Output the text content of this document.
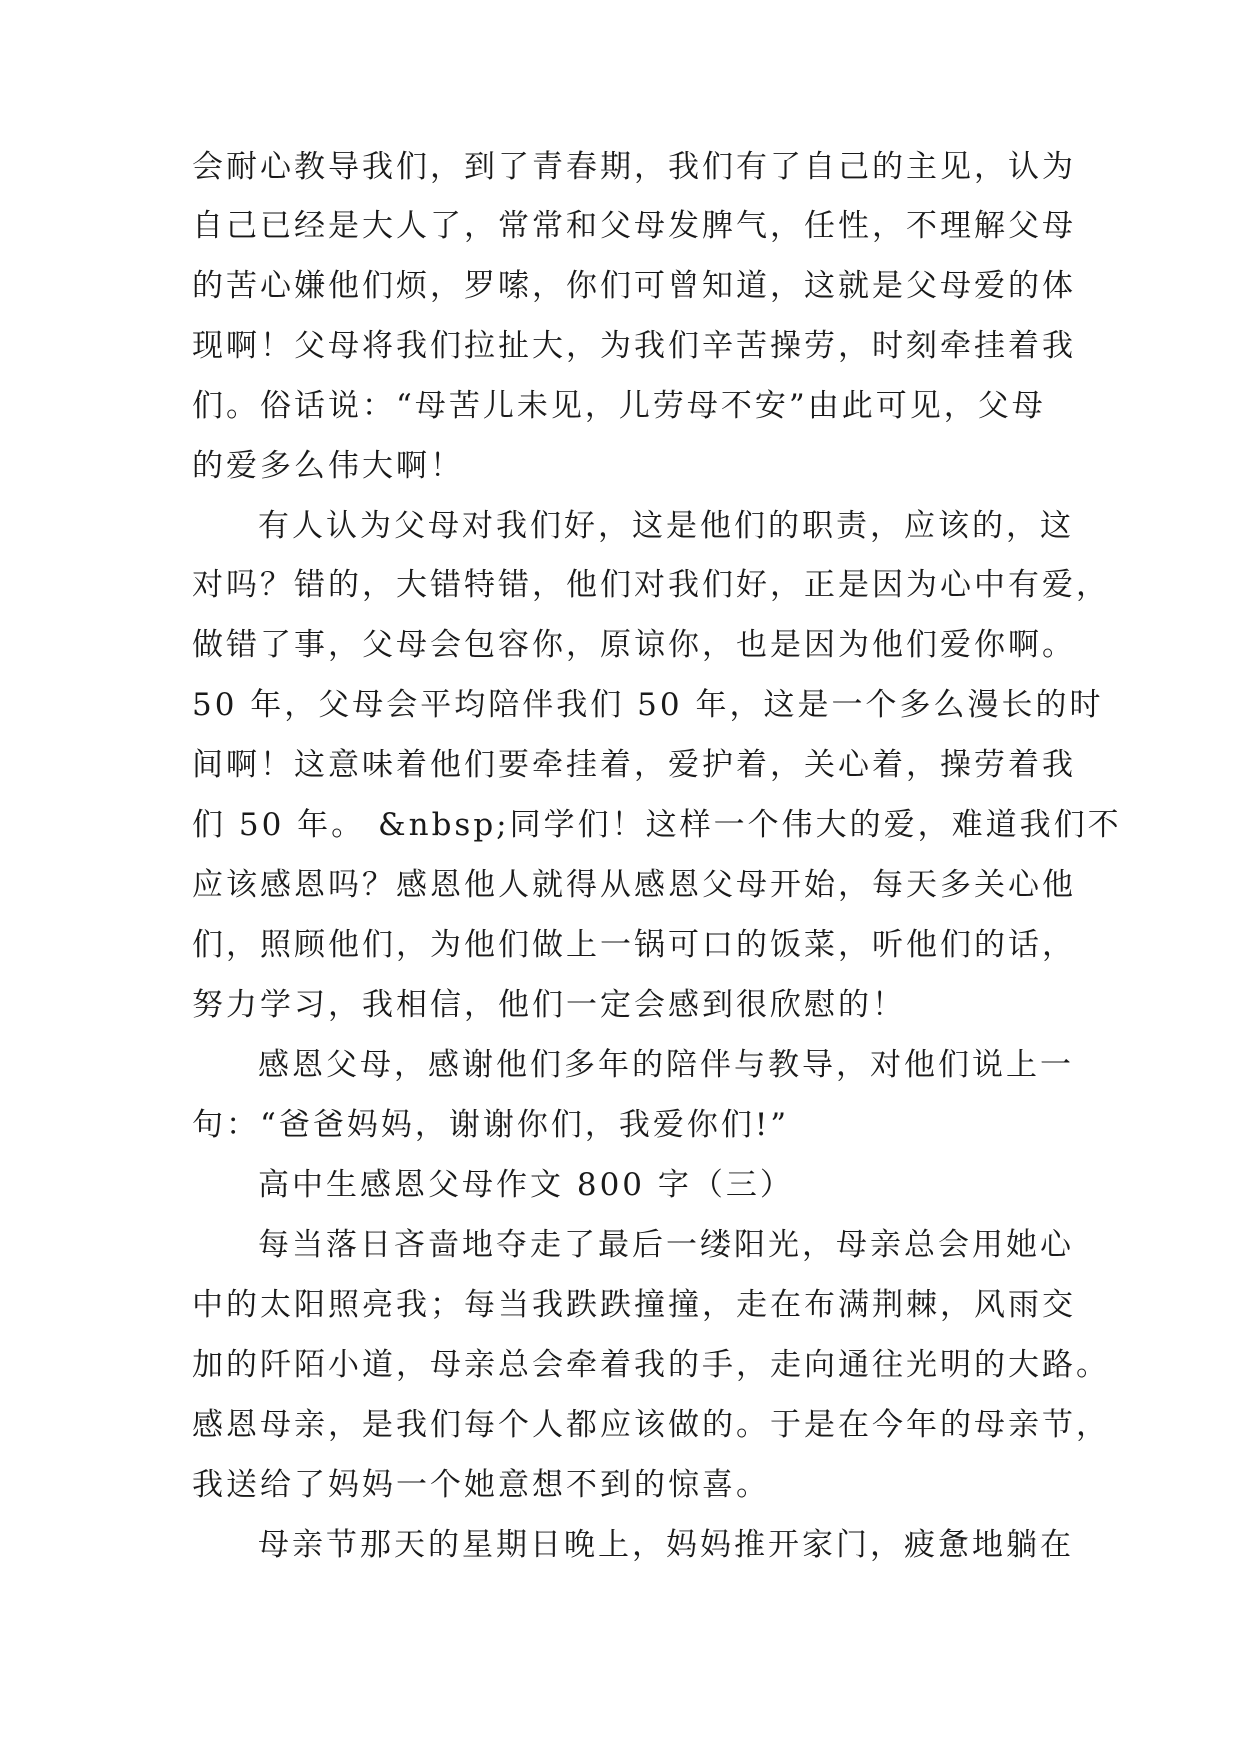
会耐心教导我们，到了青春期，我们有了自己的主见，认为
自己已经是大人了，常常和父母发脾气，任性，不理解父母
的苦心嫌他们烦，罗嗦，你们可曾知道，这就是父母爱的体
现啊！父母将我们拉扯大，为我们辛苦操劳，时刻牵挂着我
们。俗话说：“母苦儿未见，儿劳母不安”由此可见，父母
的爱多么伟大啊！
有人认为父母对我们好，这是他们的职责，应该的，这
对吗？错的，大错特错，他们对我们好，正是因为心中有爱，
做错了事，父母会包容你，原谅你，也是因为他们爱你啊。
50 年，父母会平均陪伴我们 50 年，这是一个多么漫长的时
间啊！这意味着他们要牵挂着，爱护着，关心着，操劳着我
们 50 年。 &nbsp;同学们！这样一个伟大的爱，难道我们不
应该感恩吗？感恩他人就得从感恩父母开始，每天多关心他
们，照顾他们，为他们做上一锅可口的饭菜，听他们的话，
努力学习，我相信，他们一定会感到很欣慰的！
感恩父母，感谢他们多年的陪伴与教导，对他们说上一
句：“爸爸妈妈，谢谢你们，我爱你们!”
高中生感恩父母作文 800 字（三）
每当落日吝啬地夺走了最后一缕阳光，母亲总会用她心
中的太阳照亮我；每当我跌跌撞撞，走在布满荆棘，风雨交
加的阡陌小道，母亲总会牵着我的手，走向通往光明的大路。
感恩母亲，是我们每个人都应该做的。于是在今年的母亲节，
我送给了妈妈一个她意想不到的惊喜。
母亲节那天的星期日晚上，妈妈推开家门，疲惫地躺在
